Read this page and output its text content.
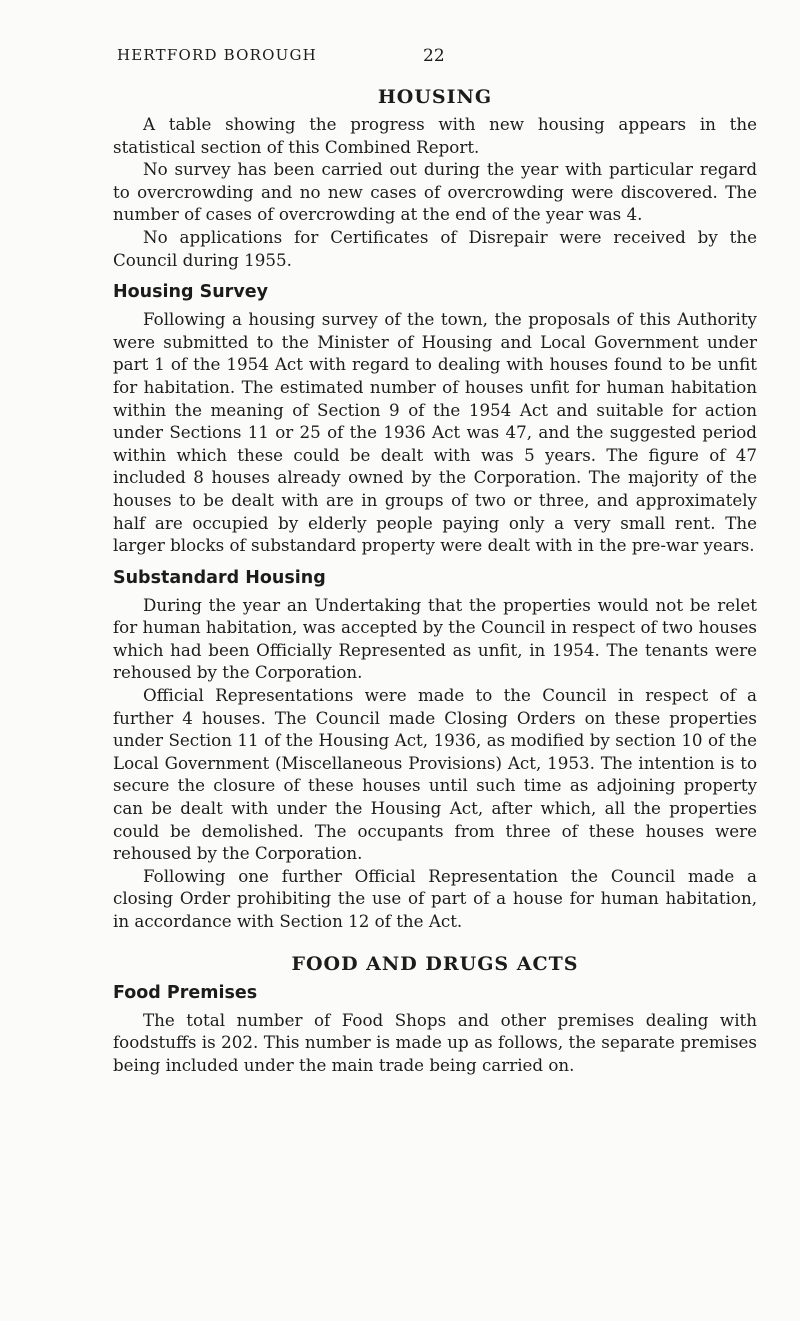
HERTFORD BOROUGH	22
HOUSING

A table showing the progress with new housing appears in the statistical section of this Combined Report.

No survey has been carried out during the year with particular regard to overcrowding and no new cases of overcrowding were discovered. The number of cases of overcrowding at the end of the year was 4.

No applications for Certificates of Disrepair were received by the Council during 1955.

Housing Survey

Following a housing survey of the town, the proposals of this Authority were submitted to the Minister of Housing and Local Government under part 1 of the 1954 Act with regard to dealing with houses found to be unfit for habitation. The estimated number of houses unfit for human habitation within the meaning of Section 9 of the 1954 Act and suitable for action under Sections 11 or 25 of the 1936 Act was 47, and the suggested period within which these could be dealt with was 5 years. The figure of 47 included 8 houses already owned by the Corporation. The majority of the houses to be dealt with are in groups of two or three, and approximately half are occupied by elderly people paying only a very small rent. The larger blocks of substandard property were dealt with in the pre-war years.

Substandard Housing

During the year an Undertaking that the properties would not be relet for human habitation, was accepted by the Council in respect of two houses which had been Officially Represented as unfit, in 1954. The tenants were rehoused by the Corporation.

Official Representations were made to the Council in respect of a further 4 houses. The Council made Closing Orders on these properties under Section 11 of the Housing Act, 1936, as modified by section 10 of the Local Government (Miscellaneous Provisions) Act, 1953. The intention is to secure the closure of these houses until such time as adjoining property can be dealt with under the Housing Act, after which, all the properties could be demolished. The occupants from three of these houses were rehoused by the Corporation.

Following one further Official Representation the Council made a closing Order prohibiting the use of part of a house for human habitation, in accordance with Section 12 of the Act.

FOOD AND DRUGS ACTS
Food Premises

The total number of Food Shops and other premises dealing with foodstuffs is 202. This number is made up as follows, the separate premises being included under the main trade being carried on.
